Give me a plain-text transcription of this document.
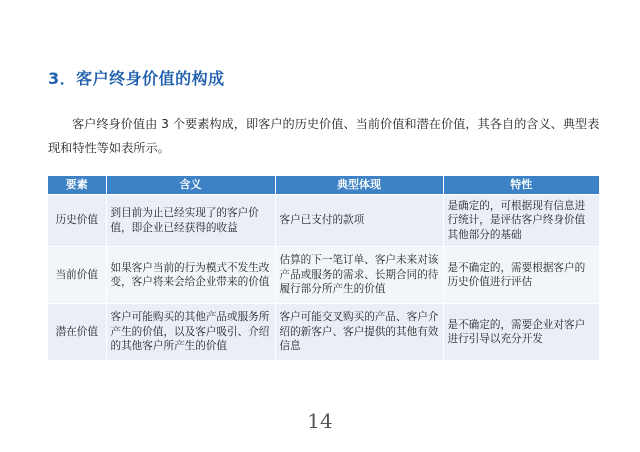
3．客户终身价值的构成
客户终身价值由 3 个要素构成，即客户的历史价值、当前价值和潜在价值，其各自的含义、典型表现和特性等如表所示。
要素	含义	典型体现	特性
历史价值	到目前为止已经实现了的客户价值，即企业已经获得的收益	客户已支付的款项	是确定的，可根据现有信息进行统计，是评估客户终身价值其他部分的基础
当前价值	如果客户当前的行为模式不发生改变，客户将来会给企业带来的价值	估算的下一笔订单、客户未来对该产品或服务的需求、长期合同的待履行部分所产生的价值	是不确定的，需要根据客户的历史价值进行评估
潜在价值	客户可能购买的其他产品或服务所产生的价值，以及客户吸引、介绍的其他客户所产生的价值	客户可能交叉购买的产品、客户介绍的新客户、客户提供的其他有效信息	是不确定的，需要企业对客户进行引导以充分开发
14
